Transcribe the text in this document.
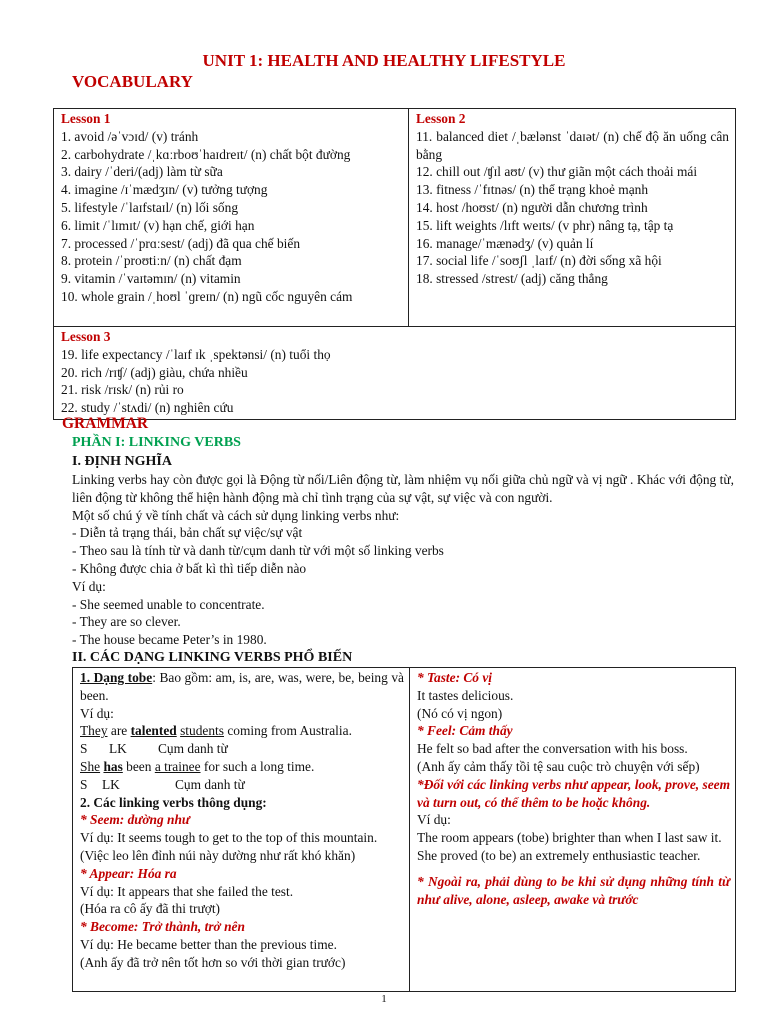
UNIT 1: HEALTH AND HEALTHY LIFESTYLE
VOCABULARY
Lesson 1
1. avoid /əˈvɔɪd/ (v) tránh
2. carbohydrate /ˌkɑːrboʊˈhaɪdreɪt/ (n) chất bột đường
3. dairy /ˈderi/(adj) làm từ sữa
4. imagine /ɪˈmædʒɪn/ (v) tưởng tượng
5. lifestyle /ˈlaɪfstaɪl/ (n) lối sống
6. limit /ˈlɪmɪt/ (v) hạn chế, giới hạn
7. processed /ˈprɑːsest/ (adj) đã qua chế biến
8. protein /ˈproʊtiːn/ (n) chất đạm
9. vitamin /ˈvaɪtəmɪn/ (n) vitamin
10. whole grain /ˌhoʊl ˈɡreɪn/ (n) ngũ cốc nguyên cám

Lesson 2
11. balanced diet /ˌbælənst ˈdaɪət/ (n) chế độ ăn uống cân bằng
12. chill out /ʧɪl aʊt/ (v) thư giãn một cách thoải mái
13. fitness /ˈfɪtnəs/ (n) thể trạng khoẻ mạnh
14. host /hoʊst/ (n) người dẫn chương trình
15. lift weights /lɪft weɪts/ (v phr) nâng tạ, tập tạ
16. manage/ˈmænədʒ/ (v) quản lí
17. social life /ˈsoʊʃl ˌlaɪf/ (n) đời sống xã hội
18. stressed /strest/ (adj) căng thẳng

Lesson 3
19. life expectancy /ˈlaɪf ɪk ˌspektənsi/ (n) tuổi thọ
20. rich /rɪʧ/ (adj) giàu, chứa nhiều
21. risk /rɪsk/ (n) rủi ro
22. study /ˈstʌdi/ (n) nghiên cứu
GRAMMAR
PHẦN I: LINKING VERBS
I. ĐỊNH NGHĨA
Linking verbs hay còn được gọi là Động từ nối/Liên động từ, làm nhiệm vụ nối giữa chủ ngữ và vị ngữ . Khác với động từ, liên động từ không thể hiện hành động mà chỉ tình trạng của sự vật, sự việc và con người.
Một số chú ý về tính chất và cách sử dụng linking verbs như:
- Diễn tả trạng thái, bản chất sự việc/sự vật
- Theo sau là tính từ và danh từ/cụm danh từ với một số linking verbs
- Không được chia ở bất kì thì tiếp diễn nào
Ví dụ:
- She seemed unable to concentrate.
- They are so clever.
- The house became Peter’s in 1980.
II. CÁC DẠNG LINKING VERBS PHỔ BIẾN
1. Dạng tobe: Bao gồm: am, is, are, was, were, be, being và been.
Ví dụ:
They are talented students coming from Australia.
S LK Cụm danh từ
She has been a trainee for such a long time.
S LK	Cụm danh từ
2. Các linking verbs thông dụng:
* Seem: dường như
Ví dụ: It seems tough to get to the top of this mountain.
(Việc leo lên đỉnh núi này dường như rất khó khăn)
* Appear: Hóa ra
Ví dụ: It appears that she failed the test.
(Hóa ra cô ấy đã thi trượt)
* Become: Trở thành, trở nên
Ví dụ: He became better than the previous time.
(Anh ấy đã trở nên tốt hơn so với thời gian trước)

* Taste: Có vị
It tastes delicious.
(Nó có vị ngon)
* Feel: Cảm thấy
He felt so bad after the conversation with his boss.
(Anh ấy cảm thấy tồi tệ sau cuộc trò chuyện với sếp)
*Đối với các linking verbs như appear, look, prove, seem và turn out, có thể thêm to be hoặc không.
Ví dụ:
The room appears (tobe) brighter than when I last saw it.
She proved (to be) an extremely enthusiastic teacher.
* Ngoài ra, phải dùng to be khi sử dụng những tính từ như alive, alone, asleep, awake và trước
1
